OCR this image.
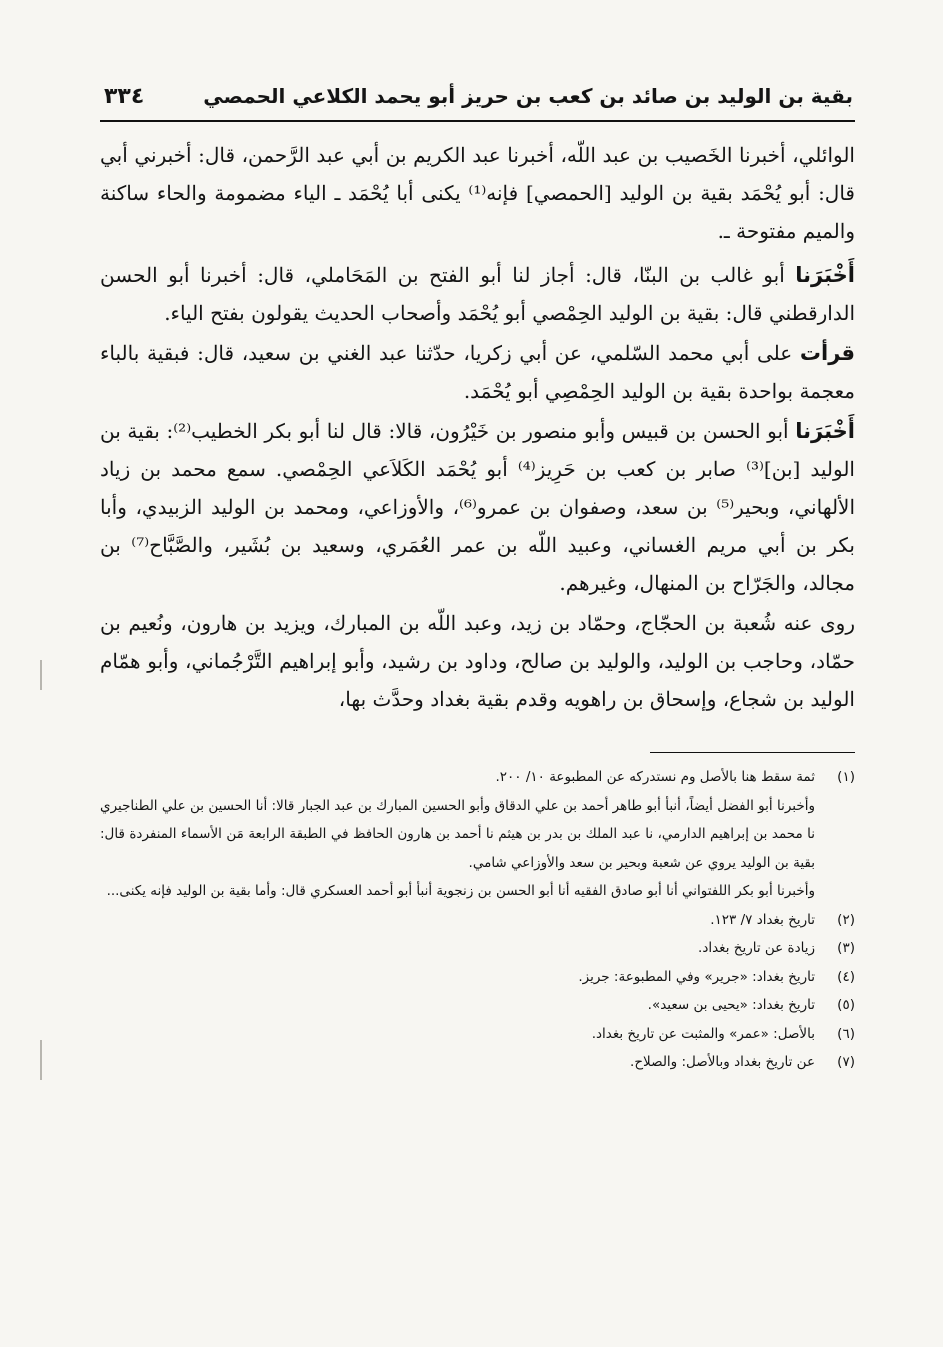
بقية بن الوليد بن صائد بن كعب بن حريز أبو يحمد الكلاعي الحمصي
٣٣٤

الوائلي، أخبرنا الخَصيب بن عبد اللّه، أخبرنا عبد الكريم بن أبي عبد الرَّحمن، قال: أخبرني أبي قال: أبو يُحْمَد بقية بن الوليد [الحمصي] فإنه⁽¹⁾ يكنى أبا يُحْمَد ـ الياء مضمومة والحاء ساكنة والميم مفتوحة ـ.

أَخْبَرَنا أبو غالب بن البنّا، قال: أجاز لنا أبو الفتح بن المَحَاملي، قال: أخبرنا أبو الحسن الدارقطني قال: بقية بن الوليد الحِمْصي أبو يُحْمَد وأصحاب الحديث يقولون بفتح الياء.

قرأت على أبي محمد السّلمي، عن أبي زكريا، حدّثنا عبد الغني بن سعيد، قال: فبقية بالباء معجمة بواحدة بقية بن الوليد الحِمْصِي أبو يُحْمَد.

أَخْبَرَنا أبو الحسن بن قبيس وأبو منصور بن خَيْرُون، قالا: قال لنا أبو بكر الخطيب⁽²⁾: بقية بن الوليد [بن]⁽³⁾ صابر بن كعب بن حَرِيز⁽⁴⁾ أبو يُحْمَد الكَلاَعي الحِمْصي. سمع محمد بن زياد الألهاني، وبحير⁽⁵⁾ بن سعد، وصفوان بن عمرو⁽⁶⁾، والأوزاعي، ومحمد بن الوليد الزبيدي، وأبا بكر بن أبي مريم الغساني، وعبيد اللّه بن عمر العُمَري، وسعيد بن بُشَير، والصَّبَّاح⁽⁷⁾ بن مجالد، والجَرّاح بن المنهال، وغيرهم.

روى عنه شُعبة بن الحجّاج، وحمّاد بن زيد، وعبد اللّه بن المبارك، ويزيد بن هارون، ونُعيم بن حمّاد، وحاجب بن الوليد، والوليد بن صالح، وداود بن رشيد، وأبو إبراهيم التَّرْجُماني، وأبو همّام الوليد بن شجاع، وإسحاق بن راهويه وقدم بقية بغداد وحدَّث بها،

(١)
ثمة سقط هنا بالأصل وم نستدركه عن المطبوعة ١٠/ ٢٠٠.
وأخبرنا أبو الفضل أيضاً، أنبأ أبو طاهر أحمد بن علي الدقاق وأبو الحسين المبارك بن عبد الجبار قالا: أنا الحسين بن علي الطناجيري نا محمد بن إبراهيم الدارمي، نا عبد الملك بن بدر بن هيثم نا أحمد بن هارون الحافظ في الطبقة الرابعة مَن الأسماء المنفردة قال: بقية بن الوليد يروي عن شعبة وبحير بن سعد والأوزاعي شامي.
وأخبرنا أبو بكر اللفتواني أنا أبو صادق الفقيه أنا أبو الحسن بن زنجوية أنبأ أبو أحمد العسكري قال: وأما بقية بن الوليد فإنه يكنى...
(٢)
تاريخ بغداد ٧/ ١٢٣.
(٣)
زيادة عن تاريخ بغداد.
(٤)
تاريخ بغداد: «جرير» وفي المطبوعة: جريز.
(٥)
تاريخ بغداد: «يحيى بن سعيد».
(٦)
بالأصل: «عمر» والمثبت عن تاريخ بغداد.
(٧)
عن تاريخ بغداد وبالأصل: والصلاح.
